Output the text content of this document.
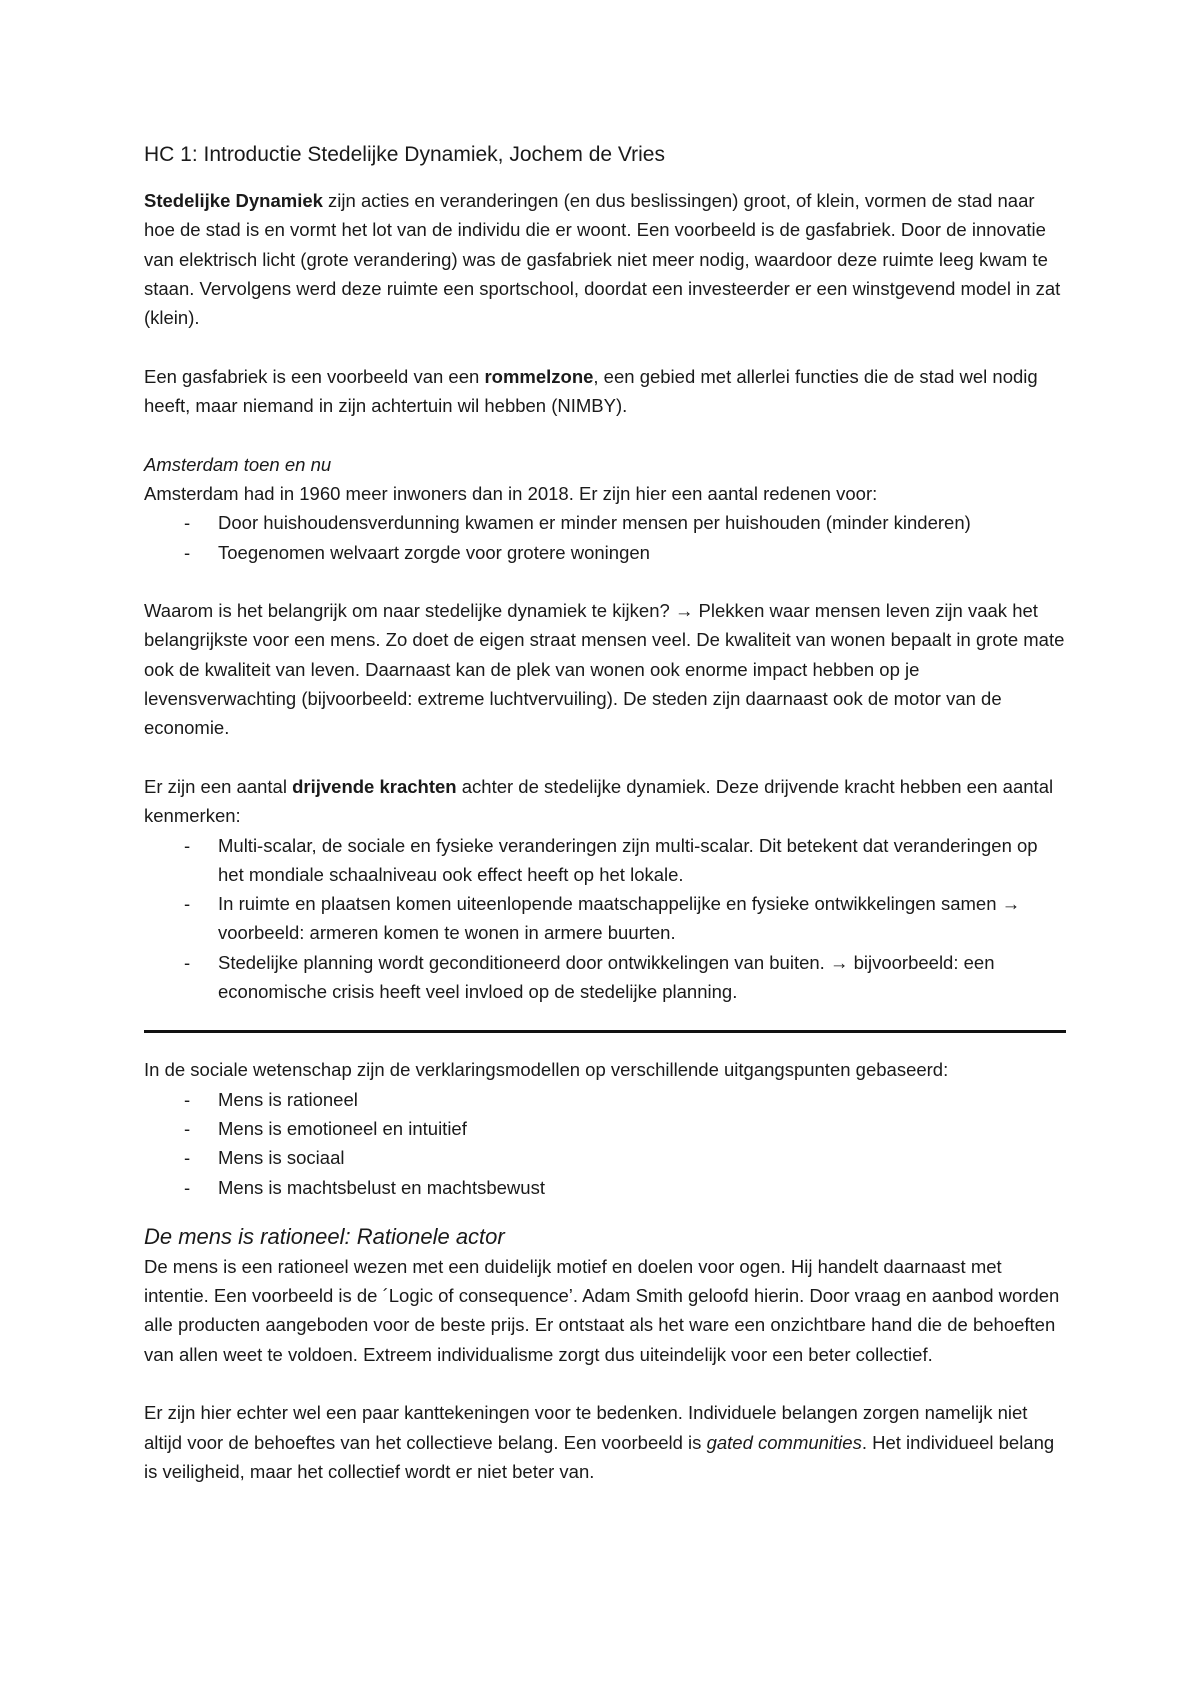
HC 1: Introductie Stedelijke Dynamiek, Jochem de Vries

Stedelijke Dynamiek zijn acties en veranderingen (en dus beslissingen) groot, of klein, vormen de stad naar hoe de stad is en vormt het lot van de individu die er woont. Een voorbeeld is de gasfabriek. Door de innovatie van elektrisch licht (grote verandering) was de gasfabriek niet meer nodig, waardoor deze ruimte leeg kwam te staan. Vervolgens werd deze ruimte een sportschool, doordat een investeerder er een winstgevend model in zat (klein).

Een gasfabriek is een voorbeeld van een rommelzone, een gebied met allerlei functies die de stad wel nodig heeft, maar niemand in zijn achtertuin wil hebben (NIMBY).

Amsterdam toen en nu

Amsterdam had in 1960 meer inwoners dan in 2018. Er zijn hier een aantal redenen voor:

- Door huishoudensverdunning kwamen er minder mensen per huishouden (minder kinderen)
- Toegenomen welvaart zorgde voor grotere woningen

Waarom is het belangrijk om naar stedelijke dynamiek te kijken? → Plekken waar mensen leven zijn vaak het belangrijkste voor een mens. Zo doet de eigen straat mensen veel. De kwaliteit van wonen bepaalt in grote mate ook de kwaliteit van leven. Daarnaast kan de plek van wonen ook enorme impact hebben op je levensverwachting (bijvoorbeeld: extreme luchtvervuiling). De steden zijn daarnaast ook de motor van de economie.

Er zijn een aantal drijvende krachten achter de stedelijke dynamiek. Deze drijvende kracht hebben een aantal kenmerken:

- Multi-scalar, de sociale en fysieke veranderingen zijn multi-scalar. Dit betekent dat veranderingen op het mondiale schaalniveau ook effect heeft op het lokale.
- In ruimte en plaatsen komen uiteenlopende maatschappelijke en fysieke ontwikkelingen samen → voorbeeld: armeren komen te wonen in armere buurten.
- Stedelijke planning wordt geconditioneerd door ontwikkelingen van buiten. → bijvoorbeeld: een economische crisis heeft veel invloed op de stedelijke planning.

In de sociale wetenschap zijn de verklaringsmodellen op verschillende uitgangspunten gebaseerd:

- Mens is rationeel
- Mens is emotioneel en intuitief
- Mens is sociaal
- Mens is machtsbelust en machtsbewust
De mens is rationeel: Rationele actor

De mens is een rationeel wezen met een duidelijk motief en doelen voor ogen. Hij handelt daarnaast met intentie. Een voorbeeld is de ´Logic of consequence’. Adam Smith geloofd hierin. Door vraag en aanbod worden alle producten aangeboden voor de beste prijs. Er ontstaat als het ware een onzichtbare hand die de behoeften van allen weet te voldoen. Extreem individualisme zorgt dus uiteindelijk voor een beter collectief.

Er zijn hier echter wel een paar kanttekeningen voor te bedenken. Individuele belangen zorgen namelijk niet altijd voor de behoeftes van het collectieve belang. Een voorbeeld is gated communities. Het individueel belang is veiligheid, maar het collectief wordt er niet beter van.
